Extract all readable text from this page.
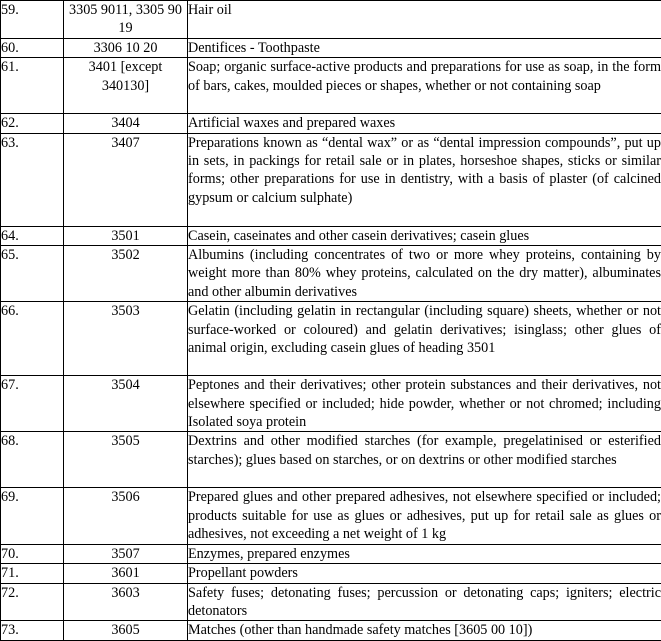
59.	3305 9011, 3305 90 19	Hair oil
60.	3306 10 20	Dentifices - Toothpaste
61.	3401 [except 340130]	Soap; organic surface-active products and preparations for use as soap, in the form of bars, cakes, moulded pieces or shapes, whether or not containing soap
62.	3404	Artificial waxes and prepared waxes
63.	3407	Preparations known as “dental wax” or as “dental impression compounds”, put up in sets, in packings for retail sale or in plates, horseshoe shapes, sticks or similar forms; other preparations for use in dentistry, with a basis of plaster (of calcined gypsum or calcium sulphate)
64.	3501	Casein, caseinates and other casein derivatives; casein glues
65.	3502	Albumins (including concentrates of two or more whey proteins, containing by weight more than 80% whey proteins, calculated on the dry matter), albuminates and other albumin derivatives
66.	3503	Gelatin (including gelatin in rectangular (including square) sheets, whether or not surface-worked or coloured) and gelatin derivatives; isinglass; other glues of animal origin, excluding casein glues of heading 3501
67.	3504	Peptones and their derivatives; other protein substances and their derivatives, not elsewhere specified or included; hide powder, whether or not chromed; including Isolated soya protein
68.	3505	Dextrins and other modified starches (for example, pregelatinised or esterified starches); glues based on starches, or on dextrins or other modified starches
69.	3506	Prepared glues and other prepared adhesives, not elsewhere specified or included; products suitable for use as glues or adhesives, put up for retail sale as glues or adhesives, not exceeding a net weight of 1 kg
70.	3507	Enzymes, prepared enzymes
71.	3601	Propellant powders
72.	3603	Safety fuses; detonating fuses; percussion or detonating caps; igniters; electric detonators
73.	3605	Matches (other than handmade safety matches [3605 00 10])
